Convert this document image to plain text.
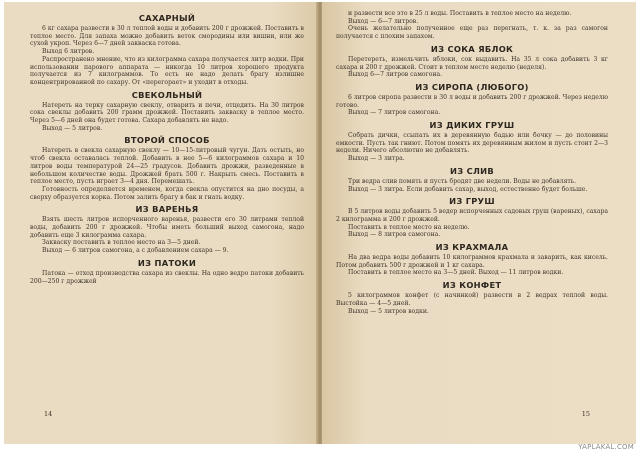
САХАРНЫЙ

6 кг сахара развести в 30 л теплой воды и добавить 200 г дрожжей. Поставить в теплое место. Для запаха можно добавить веток смородины или вишни, или же сухой укроп. Через 6—7 дней закваска готова.

Выход 6 литров.

Распространено мнение, что из килограмма сахара получается литр водки. При использовании парового аппарата — никогда 10 литров хорошего продукта получается из 7 килограммов. То есть не надо делать брагу излишне концентрированной по сахару. От «перегорает» и уходит в отходы.

СВЕКОЛЬНЫЙ

Натереть на терку сахарную свеклу, отварить и печи, отцедить. На 30 литров сока свеклы добавить 200 грамм дрожжей. Поставить закваску в теплое место. Через 5—6 дней она будет готова. Сахара добавлять не надо.

Выход — 5 литров.

ВТОРОЙ СПОСОБ

Натереть в свекла сахарную свеклу — 10—15-литровый чугун. Дать остыть, но чтоб свекла оставалась теплой. Добавить в нее 5—6 килограммов сахара и 10 литров воды температурой 24—25 градусов. Добавить дрожжи, разведенные в небольшом количестве воды. Дрожжей брать 500 г. Накрыть смесь. Поставить в теплое место, пусть играет 3—4 дня. Перемешать.

Готовность определяется временем, когда свекла опустится на дно посуды, а сверху образуется корка. Потом залить брагу в бак и гнать водку.

ИЗ ВАРЕНЬЯ

Взять шесть литров испорченного варенья, развести его 30 литрами теплой воды, добавить 200 г дрожжей. Чтобы иметь больший выход самогона, надо добавить еще 3 килограмма сахара.

Закваску поставить в теплое место на 3—5 дней.

Выход — 6 литров самогона, а с добавлением сахара — 9.

ИЗ ПАТОКИ

Патока — отход производства сахара из свеклы. На одно ведро патоки добавить 200—250 г дрожжей

и развести все это в 25 л воды. Поставить в теплое место на неделю.

Выход — 6—7 литров.

Очень желательно полученное еще раз перегнать, т. к. за раз самогон получается с плохим запахом.

ИЗ СОКА ЯБЛОК

Перетереть, измельчить яблоки, сок выдавить. На 35 л сока добавить 3 кг сахара и 200 г дрожжей. Стоит в теплом месте неделю (неделя).

Выход 6—7 литров самогона.

ИЗ СИРОПА (ЛЮБОГО)

6 литров сиропа развести в 30 л воды и добавить 200 г дрожжей. Через неделю готово.

Выход — 7 литров самогона.

ИЗ ДИКИХ ГРУШ

Собрать дички, ссыпать их в деревянную бадью или бочку — до половины емкости. Пусть так гниют. Потом помять их деревянным жилом и пусть стоит 2—3 недели. Ничего абсолютно не добавлять.

Выход — 3 литра.

ИЗ СЛИВ

Три ведра слив помять и пусть бродят две недели. Воды не добавлять.

Выход — 3 литра. Если добавить сахар, выход, естественно будет больше.

ИЗ ГРУШ

В 5 литров воды добавить 5 ведер испорченных садовых груш (вареных), сахара 2 килограмма и 200 г дрожжей.

Поставить в теплое место на неделю.

Выход — 8 литров самогона.

ИЗ КРАХМАЛА

На два ведра воды добавить 10 килограммов крахмала и заварить, как кисель. Потом добавить 500 г дрожжей и 1 кг сахара.

Поставить в теплое место на 3—5 дней. Выход — 11 литров водки.

ИЗ КОНФЕТ

5 килограммов конфет (с начинкой) развести в 2 ведрах теплой воды. Выстойка — 4—5 дней.

Выход — 5 литров водки.

14	15
YAPLAKAL.COM
